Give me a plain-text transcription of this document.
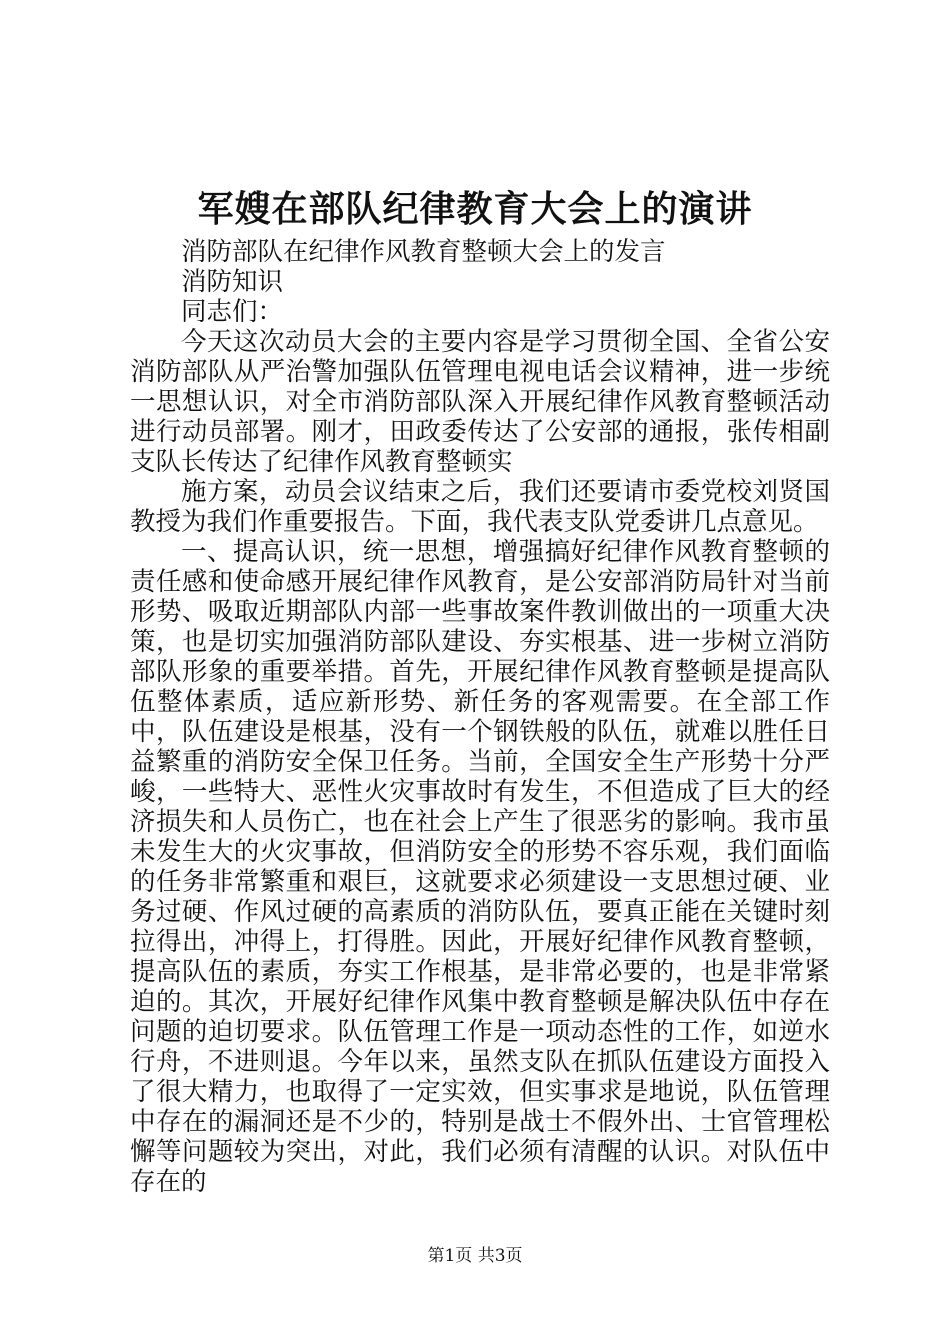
军嫂在部队纪律教育大会上的演讲

消防部队在纪律作风教育整顿大会上的发言

消防知识

同志们：

今天这次动员大会的主要内容是学习贯彻全国、全省公安消防部队从严治警加强队伍管理电视电话会议精神，进一步统一思想认识，对全市消防部队深入开展纪律作风教育整顿活动进行动员部署。刚才，田政委传达了公安部的通报，张传相副支队长传达了纪律作风教育整顿实

施方案，动员会议结束之后，我们还要请市委党校刘贤国教授为我们作重要报告。下面，我代表支队党委讲几点意见。

一、提高认识，统一思想，增强搞好纪律作风教育整顿的责任感和使命感开展纪律作风教育，是公安部消防局针对当前形势、吸取近期部队内部一些事故案件教训做出的一项重大决策，也是切实加强消防部队建设、夯实根基、进一步树立消防部队形象的重要举措。首先，开展纪律作风教育整顿是提高队伍整体素质，适应新形势、新任务的客观需要。在全部工作中，队伍建设是根基，没有一个钢铁般的队伍，就难以胜任日益繁重的消防安全保卫任务。当前，全国安全生产形势十分严峻，一些特大、恶性火灾事故时有发生，不但造成了巨大的经济损失和人员伤亡，也在社会上产生了很恶劣的影响。我市虽未发生大的火灾事故，但消防安全的形势不容乐观，我们面临的任务非常繁重和艰巨，这就要求必须建设一支思想过硬、业务过硬、作风过硬的高素质的消防队伍，要真正能在关键时刻拉得出，冲得上，打得胜。因此，开展好纪律作风教育整顿，提高队伍的素质，夯实工作根基，是非常必要的，也是非常紧迫的。其次，开展好纪律作风集中教育整顿是解决队伍中存在问题的迫切要求。队伍管理工作是一项动态性的工作，如逆水行舟，不进则退。今年以来，虽然支队在抓队伍建设方面投入了很大精力，也取得了一定实效，但实事求是地说，队伍管理中存在的漏洞还是不少的，特别是战士不假外出、士官管理松懈等问题较为突出，对此，我们必须有清醒的认识。对队伍中存在的

第1页 共3页
